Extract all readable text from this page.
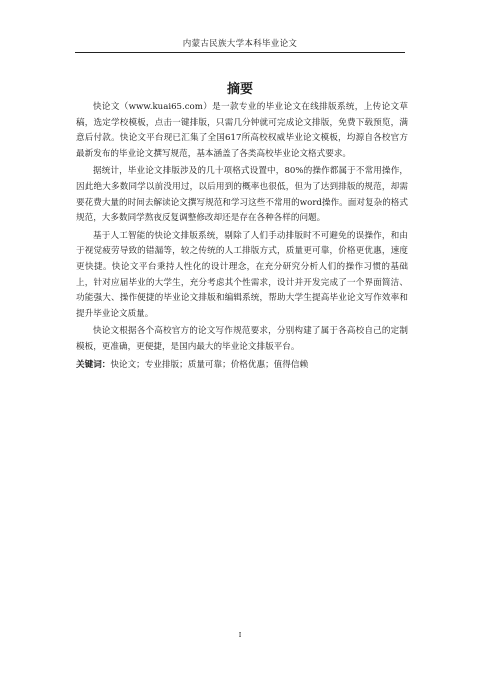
内蒙古民族大学本科毕业论文
摘要

快论文（www.kuai65.com）是一款专业的毕业论文在线排版系统，上传论文草稿，选定学校模板，点击一键排版，只需几分钟就可完成论文排版，免费下载预览，满意后付款。快论文平台现已汇集了全国617所高校权威毕业论文模板，均源自各校官方最新发布的毕业论文撰写规范，基本涵盖了各类高校毕业论文格式要求。

据统计，毕业论文排版涉及的几十项格式设置中，80%的操作都属于不常用操作，因此绝大多数同学以前没用过，以后用到的概率也很低，但为了达到排版的规范，却需要花费大量的时间去解读论文撰写规范和学习这些不常用的word操作。面对复杂的格式规范，大多数同学熬夜反复调整修改却还是存在各种各样的问题。

基于人工智能的快论文排版系统，剔除了人们手动排版时不可避免的误操作，和由于视觉疲劳导致的错漏等，较之传统的人工排版方式，质量更可靠，价格更优惠，速度更快捷。快论文平台秉持人性化的设计理念，在充分研究分析人们的操作习惯的基础上，针对应届毕业的大学生，充分考虑其个性需求，设计并开发完成了一个界面简洁、功能强大、操作便捷的毕业论文排版和编辑系统，帮助大学生提高毕业论文写作效率和提升毕业论文质量。

快论文根据各个高校官方的论文写作规范要求，分别构建了属于各高校自己的定制模板，更准确，更便捷，是国内最大的毕业论文排版平台。

关键词：快论文；专业排版；质量可靠；价格优惠；值得信赖
I
